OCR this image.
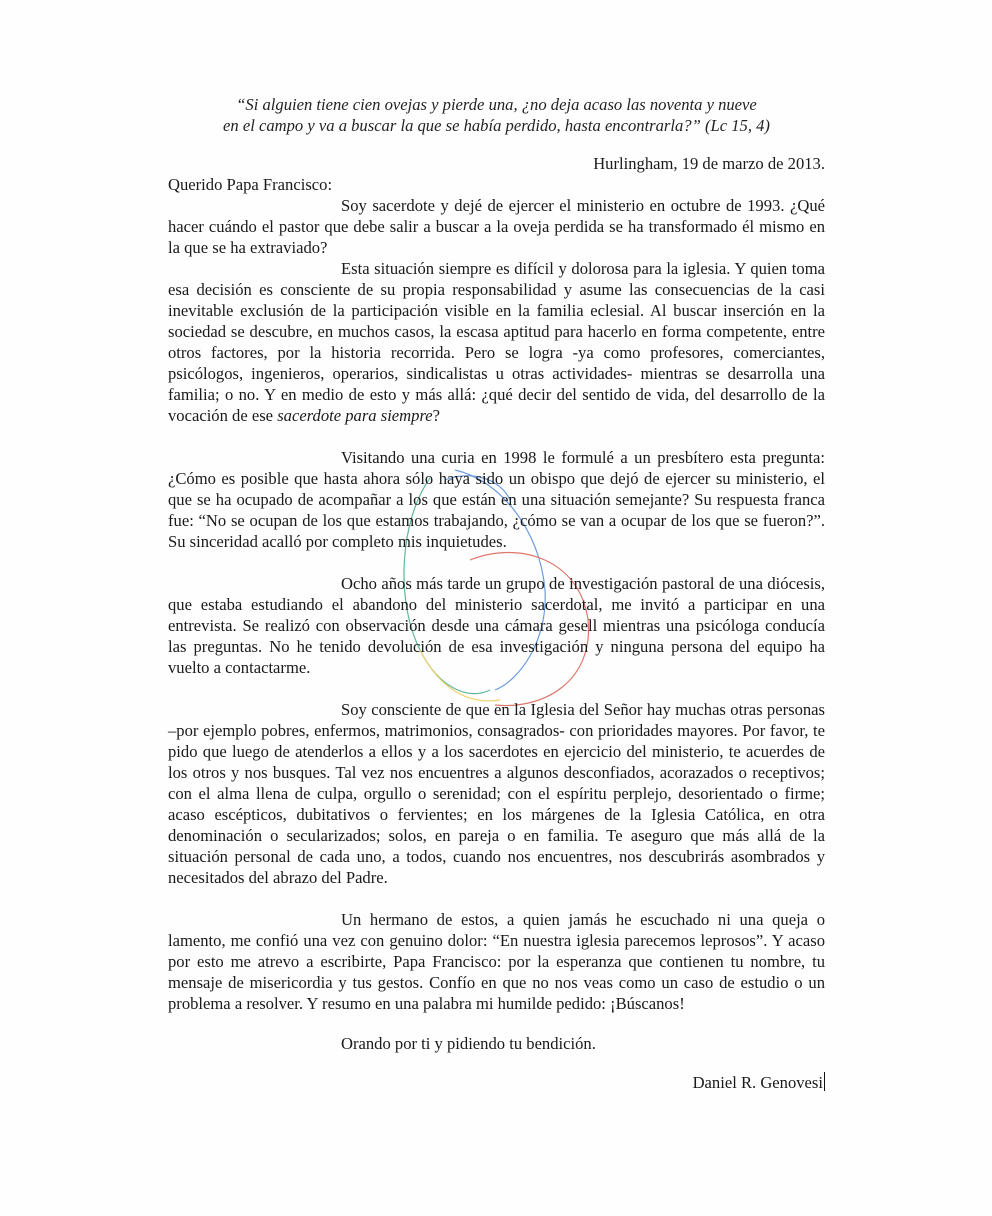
“Si alguien tiene cien ovejas y pierde una, ¿no deja acaso las noventa y nueve
en el campo y va a buscar la que se había perdido, hasta encontrarla?” (Lc 15, 4)

Hurlingham, 19 de marzo de 2013.

Querido Papa Francisco:

Soy sacerdote y dejé de ejercer el ministerio en octubre de 1993. ¿Qué hacer cuándo el pastor que debe salir a buscar a la oveja perdida se ha transformado él mismo en la que se ha extraviado?

Esta situación siempre es difícil y dolorosa para la iglesia. Y quien toma esa decisión es consciente de su propia responsabilidad y asume las consecuencias de la casi inevitable exclusión de la participación visible en la familia eclesial. Al buscar inserción en la sociedad se descubre, en muchos casos, la escasa aptitud para hacerlo en forma competente, entre otros factores, por la historia recorrida. Pero se logra -ya como profesores, comerciantes, psicólogos, ingenieros, operarios, sindicalistas u otras actividades- mientras se desarrolla una familia; o no. Y en medio de esto y más allá: ¿qué decir del sentido de vida, del desarrollo de la vocación de ese sacerdote para siempre?

Visitando una curia en 1998 le formulé a un presbítero esta pregunta: ¿Cómo es posible que hasta ahora sólo haya sido un obispo que dejó de ejercer su ministerio, el que se ha ocupado de acompañar a los que están en una situación semejante? Su respuesta franca fue: “No se ocupan de los que estamos trabajando, ¿cómo se van a ocupar de los que se fueron?”. Su sinceridad acalló por completo mis inquietudes.

Ocho años más tarde un grupo de investigación pastoral de una diócesis, que estaba estudiando el abandono del ministerio sacerdotal, me invitó a participar en una entrevista. Se realizó con observación desde una cámara gesell mientras una psicóloga conducía las preguntas. No he tenido devolución de esa investigación y ninguna persona del equipo ha vuelto a contactarme.

Soy consciente de que en la Iglesia del Señor hay muchas otras personas –por ejemplo pobres, enfermos, matrimonios, consagrados- con prioridades mayores. Por favor, te pido que luego de atenderlos a ellos y a los sacerdotes en ejercicio del ministerio, te acuerdes de los otros y nos busques. Tal vez nos encuentres a algunos desconfiados, acorazados o receptivos; con el alma llena de culpa, orgullo o serenidad; con el espíritu perplejo, desorientado o firme; acaso escépticos, dubitativos o fervientes; en los márgenes de la Iglesia Católica, en otra denominación o secularizados; solos, en pareja o en familia. Te aseguro que más allá de la situación personal de cada uno, a todos, cuando nos encuentres, nos descubrirás asombrados y necesitados del abrazo del Padre.

Un hermano de estos, a quien jamás he escuchado ni una queja o lamento, me confió una vez con genuino dolor: “En nuestra iglesia parecemos leprosos”. Y acaso por esto me atrevo a escribirte, Papa Francisco: por la esperanza que contienen tu nombre, tu mensaje de misericordia y tus gestos. Confío en que no nos veas como un caso de estudio o un problema a resolver. Y resumo en una palabra mi humilde pedido: ¡Búscanos!

Orando por ti y pidiendo tu bendición.

Daniel R. Genovesi
